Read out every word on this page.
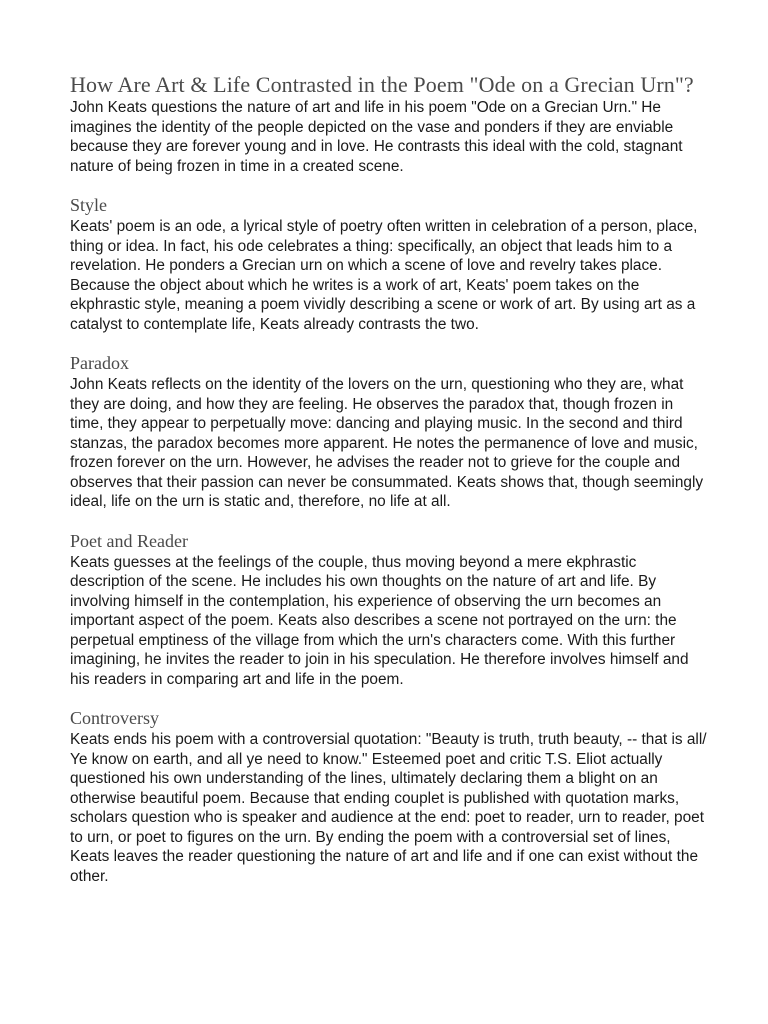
How Are Art & Life Contrasted in the Poem "Ode on a Grecian Urn"?

John Keats questions the nature of art and life in his poem "Ode on a Grecian Urn." He imagines the identity of the people depicted on the vase and ponders if they are enviable because they are forever young and in love. He contrasts this ideal with the cold, stagnant nature of being frozen in time in a created scene.

Style

Keats' poem is an ode, a lyrical style of poetry often written in celebration of a person, place, thing or idea. In fact, his ode celebrates a thing: specifically, an object that leads him to a revelation. He ponders a Grecian urn on which a scene of love and revelry takes place. Because the object about which he writes is a work of art, Keats' poem takes on the ekphrastic style, meaning a poem vividly describing a scene or work of art. By using art as a catalyst to contemplate life, Keats already contrasts the two.

Paradox

John Keats reflects on the identity of the lovers on the urn, questioning who they are, what they are doing, and how they are feeling. He observes the paradox that, though frozen in time, they appear to perpetually move: dancing and playing music. In the second and third stanzas, the paradox becomes more apparent. He notes the permanence of love and music, frozen forever on the urn. However, he advises the reader not to grieve for the couple and observes that their passion can never be consummated. Keats shows that, though seemingly ideal, life on the urn is static and, therefore, no life at all.

Poet and Reader

Keats guesses at the feelings of the couple, thus moving beyond a mere ekphrastic description of the scene. He includes his own thoughts on the nature of art and life. By involving himself in the contemplation, his experience of observing the urn becomes an important aspect of the poem. Keats also describes a scene not portrayed on the urn: the perpetual emptiness of the village from which the urn's characters come. With this further imagining, he invites the reader to join in his speculation. He therefore involves himself and his readers in comparing art and life in the poem.

Controversy

Keats ends his poem with a controversial quotation: "Beauty is truth, truth beauty, -- that is all/ Ye know on earth, and all ye need to know." Esteemed poet and critic T.S. Eliot actually questioned his own understanding of the lines, ultimately declaring them a blight on an otherwise beautiful poem. Because that ending couplet is published with quotation marks, scholars question who is speaker and audience at the end: poet to reader, urn to reader, poet to urn, or poet to figures on the urn. By ending the poem with a controversial set of lines, Keats leaves the reader questioning the nature of art and life and if one can exist without the other.
